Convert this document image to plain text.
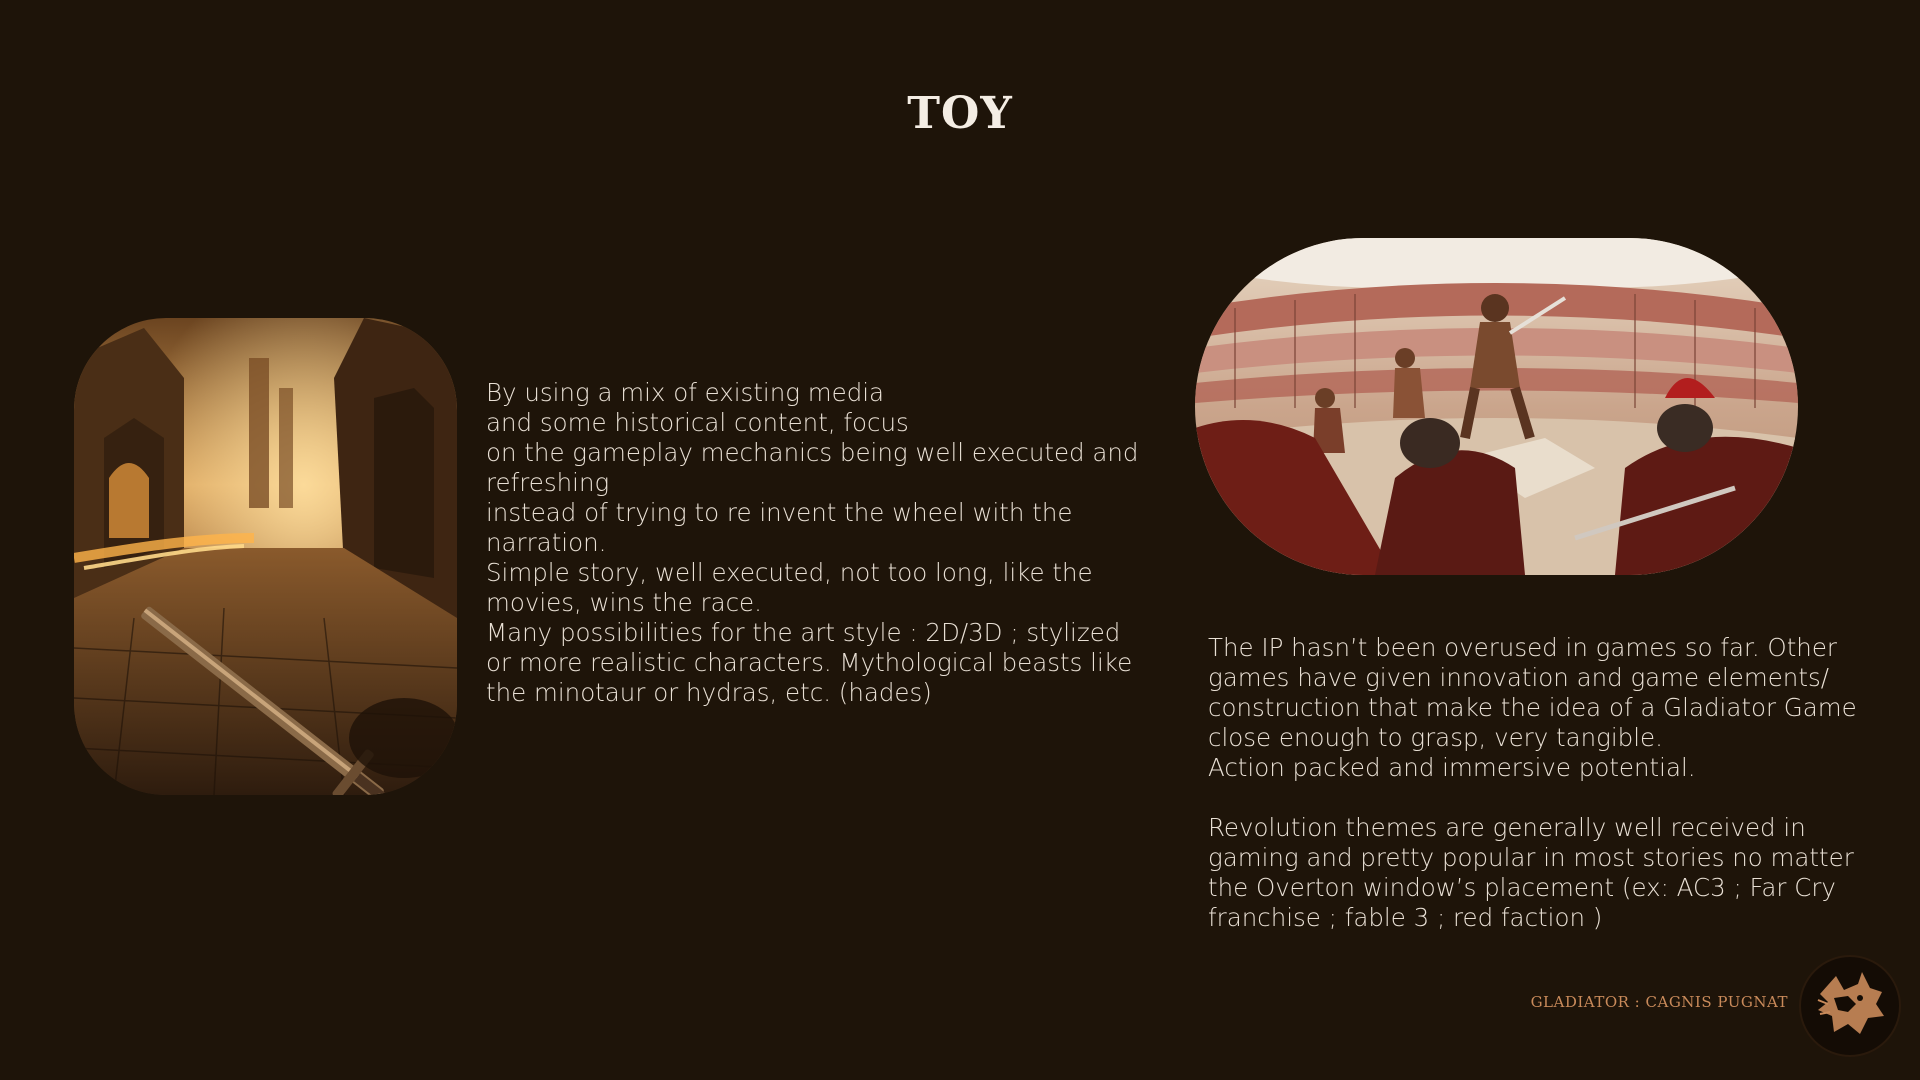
TOY
By using a mix of existing media
and some historical content, focus
on the gameplay mechanics being well executed and
refreshing
instead of trying to re invent the wheel with the
narration.
Simple story, well executed, not too long, like the
movies, wins the race.
Many possibilities for the art style : 2D/3D ; stylized
or more realistic characters. Mythological beasts like
the minotaur or hydras, etc. (hades)
The IP hasn’t been overused in games so far. Other
games have given innovation and game elements/
construction that make the idea of a Gladiator Game
close enough to grasp, very tangible.
Action packed and immersive potential.
Revolution themes are generally well received in
gaming and pretty popular in most stories no matter
the Overton window’s placement (ex: AC3 ; Far Cry
franchise ; fable 3 ; red faction )
GLADIATOR : CAGNIS PUGNAT
